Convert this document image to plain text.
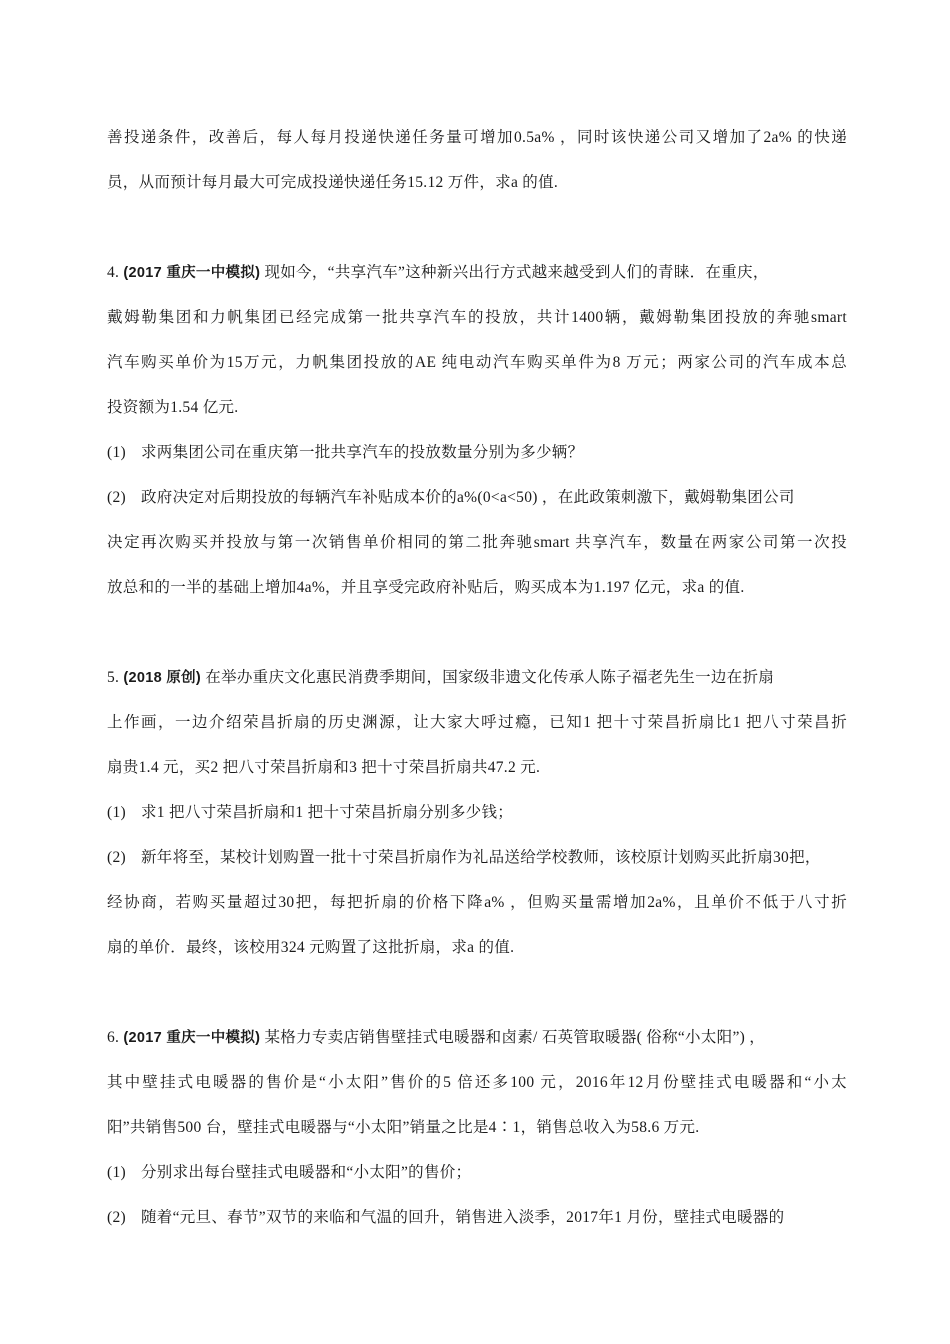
善投递条件，改善后，每人每月投递快递任务量可增加0.5a% ，同时该快递公司又增加了2a% 的快递
员，从而预计每月最大可完成投递快递任务15.12 万件，求a 的值.
4. (2017 重庆一中模拟) 现如今，“共享汽车”这种新兴出行方式越来越受到人们的青睐．在重庆，
戴姆勒集团和力帆集团已经完成第一批共享汽车的投放，共计1400辆，戴姆勒集团投放的奔驰smart
汽车购买单价为15万元，力帆集团投放的AE 纯电动汽车购买单件为8 万元；两家公司的汽车成本总
投资额为1.54 亿元.
(1) 求两集团公司在重庆第一批共享汽车的投放数量分别为多少辆？
(2) 政府决定对后期投放的每辆汽车补贴成本价的a%(0<a<50) ，在此政策刺激下，戴姆勒集团公司
决定再次购买并投放与第一次销售单价相同的第二批奔驰smart 共享汽车，数量在两家公司第一次投
放总和的一半的基础上增加4a%，并且享受完政府补贴后，购买成本为1.197 亿元，求a 的值.
5. (2018 原创) 在举办重庆文化惠民消费季期间，国家级非遗文化传承人陈子福老先生一边在折扇
上作画，一边介绍荣昌折扇的历史渊源，让大家大呼过瘾，已知1 把十寸荣昌折扇比1 把八寸荣昌折
扇贵1.4 元，买2 把八寸荣昌折扇和3 把十寸荣昌折扇共47.2 元.
(1) 求1 把八寸荣昌折扇和1 把十寸荣昌折扇分别多少钱；
(2) 新年将至，某校计划购置一批十寸荣昌折扇作为礼品送给学校教师，该校原计划购买此折扇30把，
经协商，若购买量超过30把，每把折扇的价格下降a% ，但购买量需增加2a%，且单价不低于八寸折
扇的单价．最终，该校用324 元购置了这批折扇，求a 的值.
6. (2017 重庆一中模拟) 某格力专卖店销售壁挂式电暖器和卤素/ 石英管取暖器( 俗称“小太阳”) ，
其中壁挂式电暖器的售价是“小太阳”售价的5 倍还多100 元，2016年12月份壁挂式电暖器和“小太
阳”共销售500 台，壁挂式电暖器与“小太阳”销量之比是4∶1，销售总收入为58.6 万元.
(1) 分别求出每台壁挂式电暖器和“小太阳”的售价；
(2) 随着“元旦、春节”双节的来临和气温的回升，销售进入淡季，2017年1 月份，壁挂式电暖器的
